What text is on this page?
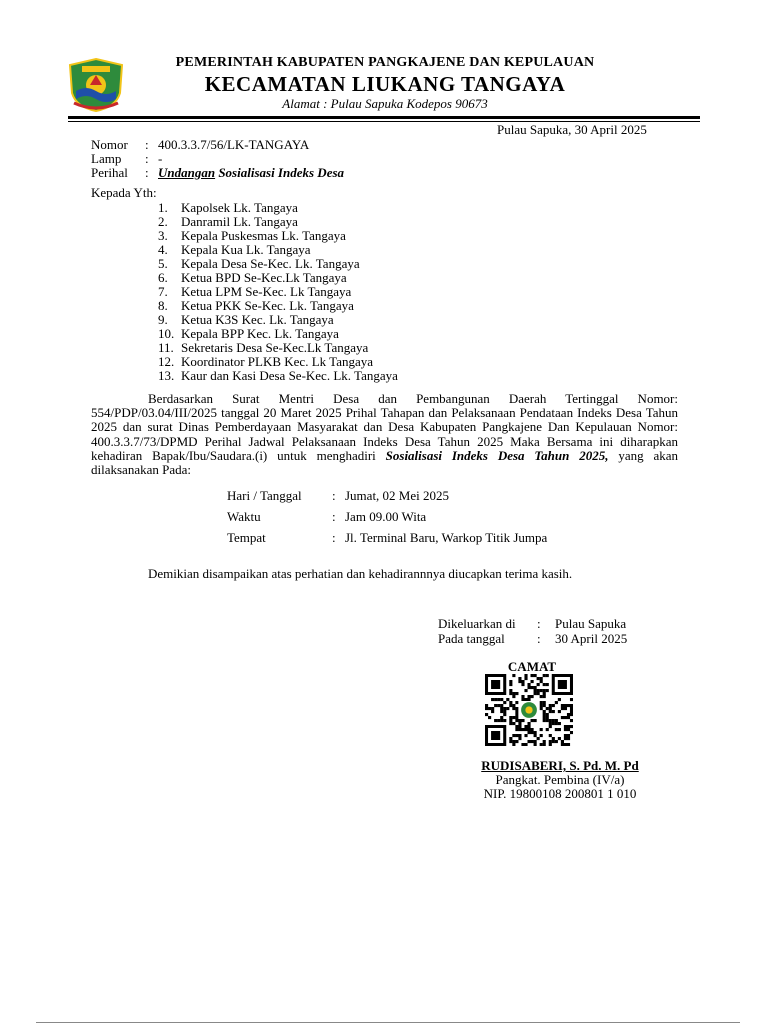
PEMERINTAH KABUPATEN PANGKAJENE DAN KEPULAUAN
KECAMATAN LIUKANG TANGAYA
Alamat : Pulau Sapuka Kodepos 90673
Pulau Sapuka, 30 April 2025
Nomor	: 400.3.3.7/56/LK-TANGAYA
Lamp	: -
Perihal	: Undangan Sosialisasi Indeks Desa
Kepada Yth:
1. Kapolsek Lk. Tangaya
2. Danramil Lk. Tangaya
3. Kepala Puskesmas Lk. Tangaya
4. Kepala Kua Lk. Tangaya
5. Kepala Desa Se-Kec. Lk. Tangaya
6. Ketua BPD Se-Kec.Lk Tangaya
7. Ketua LPM Se-Kec. Lk Tangaya
8. Ketua PKK Se-Kec. Lk. Tangaya
9. Ketua K3S Kec. Lk. Tangaya
10. Kepala BPP Kec. Lk. Tangaya
11. Sekretaris Desa Se-Kec.Lk Tangaya
12. Koordinator PLKB Kec. Lk Tangaya
13. Kaur dan Kasi Desa Se-Kec. Lk. Tangaya
Berdasarkan Surat Mentri Desa dan Pembangunan Daerah Tertinggal Nomor: 554/PDP/03.04/III/2025 tanggal 20 Maret 2025 Prihal Tahapan dan Pelaksanaan Pendataan Indeks Desa Tahun 2025 dan surat Dinas Pemberdayaan Masyarakat dan Desa Kabupaten Pangkajene Dan Kepulauan Nomor: 400.3.3.7/73/DPMD Perihal Jadwal Pelaksanaan Indeks Desa Tahun 2025 Maka Bersama ini diharapkan kehadiran Bapak/Ibu/Saudara.(i) untuk menghadiri Sosialisasi Indeks Desa Tahun 2025, yang akan dilaksanakan Pada:
Hari / Tanggal	: Jumat, 02 Mei 2025
Waktu	: Jam 09.00 Wita
Tempat	: Jl. Terminal Baru, Warkop Titik Jumpa
Demikian disampaikan atas perhatian dan kehadirannnya diucapkan terima kasih.
Dikeluarkan di : Pulau Sapuka
Pada tanggal : 30 April 2025
CAMAT
RUDISABERI, S. Pd. M. Pd
Pangkat. Pembina (IV/a)
NIP. 19800108 200801 1 010
